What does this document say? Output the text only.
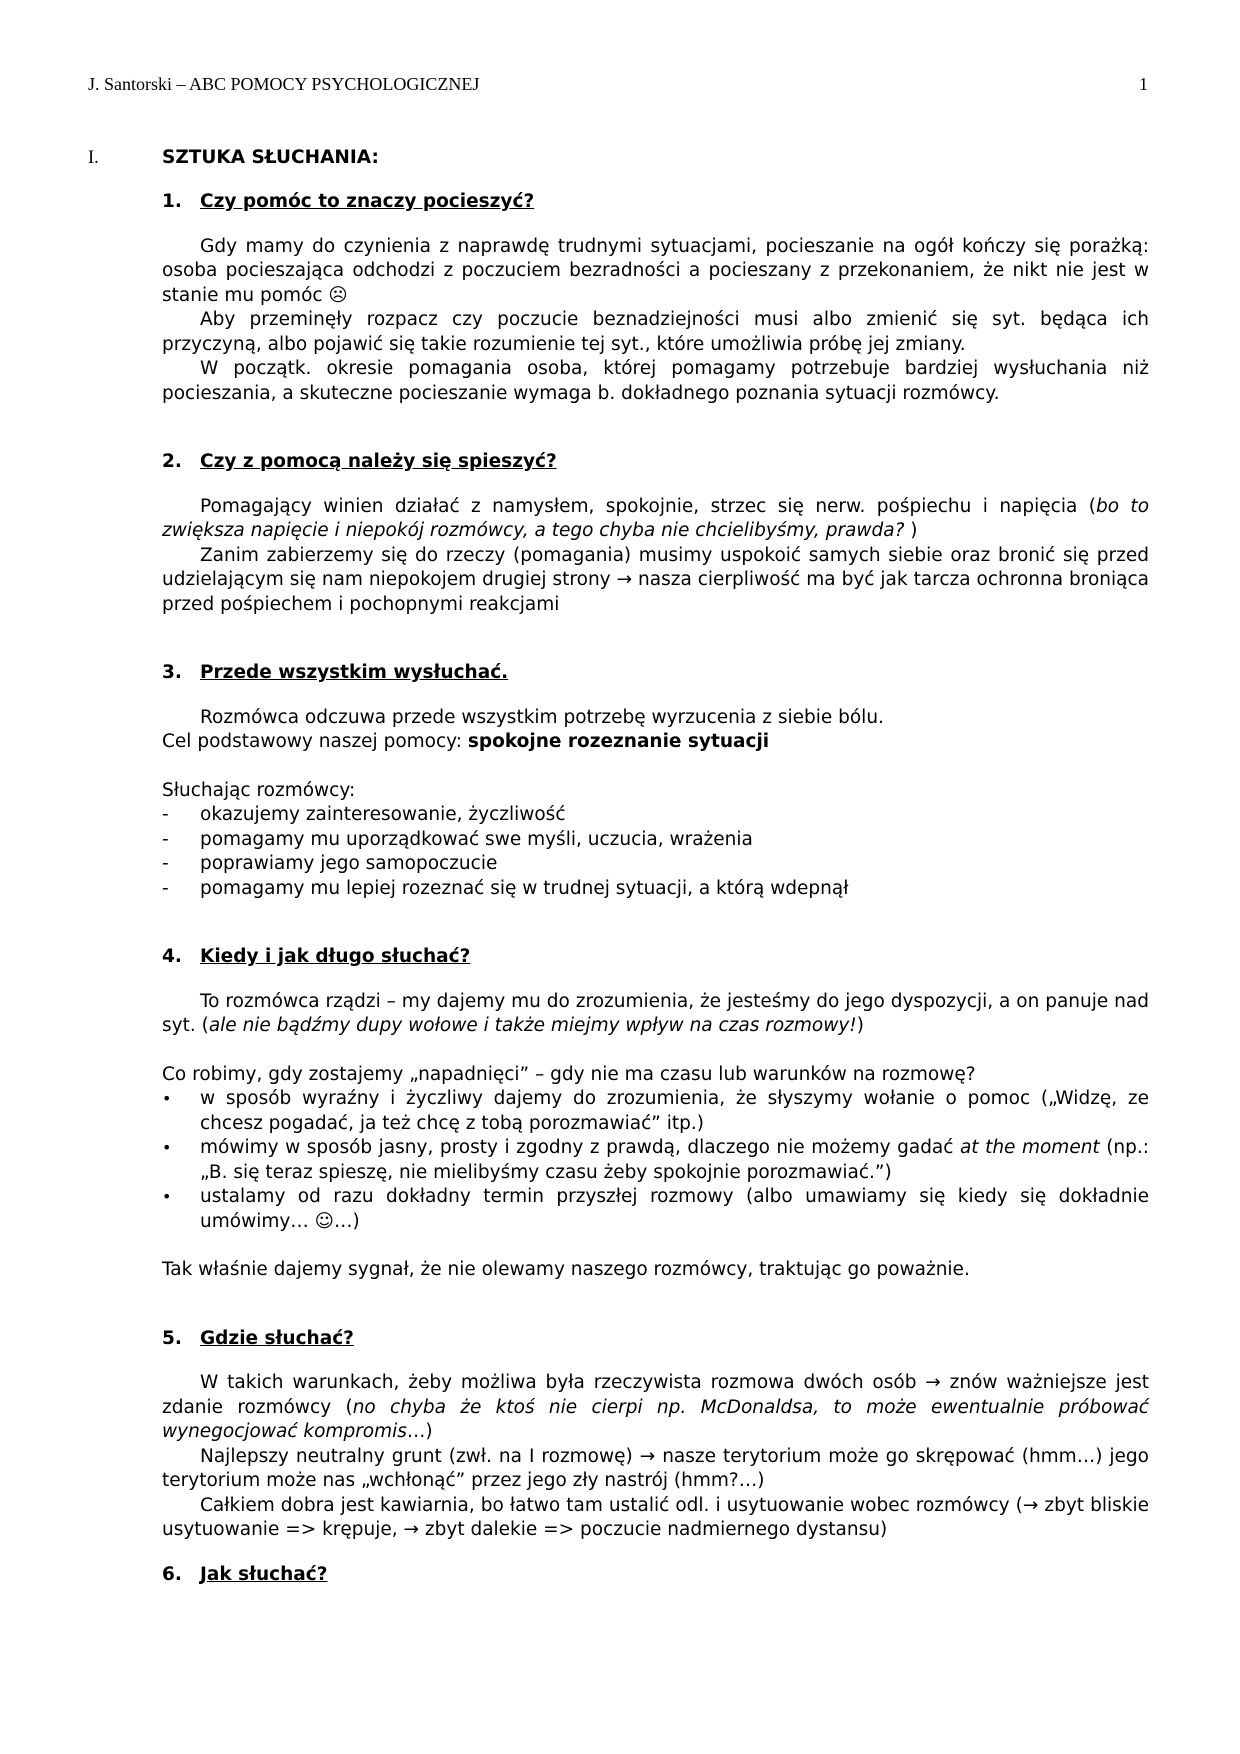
J. Santorski – ABC POMOCY PSYCHOLOGICZNEJ	1
I.	SZTUKA SŁUCHANIA:
1. Czy pomóc to znaczy pocieszyć?

Gdy mamy do czynienia z naprawdę trudnymi sytuacjami, pocieszanie na ogół kończy się porażką: osoba pocieszająca odchodzi z poczuciem bezradności a pocieszany z przekonaniem, że nikt nie jest w stanie mu pomóc ☹

Aby przeminęły rozpacz czy poczucie beznadziejności musi albo zmienić się syt. będąca ich przyczyną, albo pojawić się takie rozumienie tej syt., które umożliwia próbę jej zmiany.

W początk. okresie pomagania osoba, której pomagamy potrzebuje bardziej wysłuchania niż pocieszania, a skuteczne pocieszanie wymaga b. dokładnego poznania sytuacji rozmówcy.

2. Czy z pomocą należy się spieszyć?

Pomagający winien działać z namysłem, spokojnie, strzec się nerw. pośpiechu i napięcia (bo to zwiększa napięcie i niepokój rozmówcy, a tego chyba nie chcielibyśmy, prawda? )

Zanim zabierzemy się do rzeczy (pomagania) musimy uspokoić samych siebie oraz bronić się przed udzielającym się nam niepokojem drugiej strony → nasza cierpliwość ma być jak tarcza ochronna broniąca przed pośpiechem i pochopnymi reakcjami

3. Przede wszystkim wysłuchać.

Rozmówca odczuwa przede wszystkim potrzebę wyrzucenia z siebie bólu.

Cel podstawowy naszej pomocy: spokojne rozeznanie sytuacji

Słuchając rozmówcy:

- okazujemy zainteresowanie, życzliwość
- pomagamy mu uporządkować swe myśli, uczucia, wrażenia
- poprawiamy jego samopoczucie
- pomagamy mu lepiej rozeznać się w trudnej sytuacji, a którą wdepnął
4. Kiedy i jak długo słuchać?

To rozmówca rządzi – my dajemy mu do zrozumienia, że jesteśmy do jego dyspozycji, a on panuje nad syt. (ale nie bądźmy dupy wołowe i także miejmy wpływ na czas rozmowy!)

Co robimy, gdy zostajemy „napadnięci” – gdy nie ma czasu lub warunków na rozmowę?

• w sposób wyraźny i życzliwy dajemy do zrozumienia, że słyszymy wołanie o pomoc („Widzę, ze chcesz pogadać, ja też chcę z tobą porozmawiać” itp.)
• mówimy w sposób jasny, prosty i zgodny z prawdą, dlaczego nie możemy gadać at the moment (np.: „B. się teraz spieszę, nie mielibyśmy czasu żeby spokojnie porozmawiać.”)
• ustalamy od razu dokładny termin przyszłej rozmowy (albo umawiamy się kiedy się dokładnie umówimy… ☺…)

Tak właśnie dajemy sygnał, że nie olewamy naszego rozmówcy, traktując go poważnie.

5. Gdzie słuchać?

W takich warunkach, żeby możliwa była rzeczywista rozmowa dwóch osób → znów ważniejsze jest zdanie rozmówcy (no chyba że ktoś nie cierpi np. McDonaldsa, to może ewentualnie próbować wynegocjować kompromis…)

Najlepszy neutralny grunt (zwł. na I rozmowę) → nasze terytorium może go skrępować (hmm…) jego terytorium może nas „wchłonąć” przez jego zły nastrój (hmm?…)

Całkiem dobra jest kawiarnia, bo łatwo tam ustalić odl. i usytuowanie wobec rozmówcy (→ zbyt bliskie usytuowanie => krępuje, → zbyt dalekie => poczucie nadmiernego dystansu)

6. Jak słuchać?
